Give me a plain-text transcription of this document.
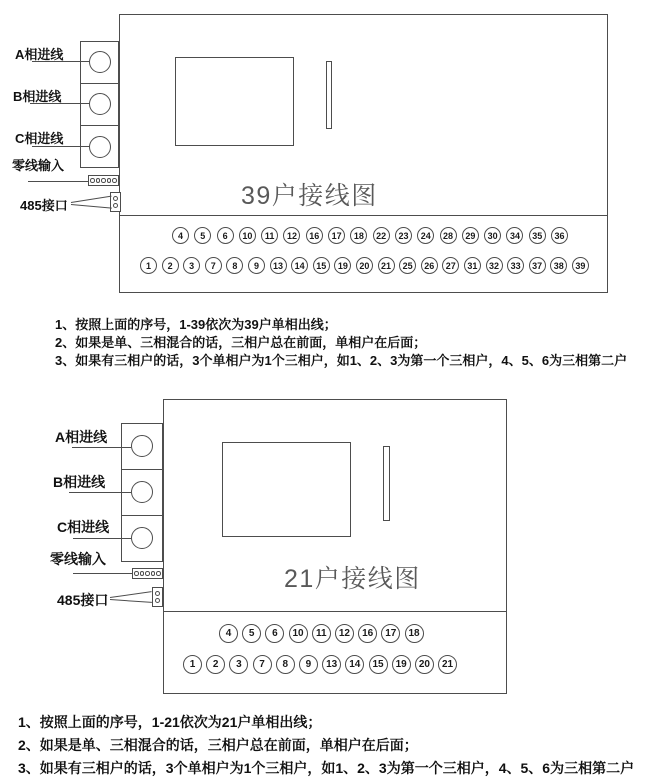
39户接线图
A相进线
B相进线
C相进线
零线输入
485接口
4	5	6	10	11	12	16	17	18	22	23	24	28	29	30	34	35	36
1	2	3	7	8	9	13	14	15	19	20	21	25	26	27	31	32	33	37	38	39
1、按照上面的序号，1-39依次为39户单相出线；
2、如果是单、三相混合的话，三相户总在前面，单相户在后面；
3、如果有三相户的话，3个单相户为1个三相户，如1、2、3为第一个三相户，4、5、6为三相第二户
21户接线图
A相进线
B相进线
C相进线
零线输入
485接口
4	5	6	10	11	12	16	17	18
1	2	3	7	8	9	13	14	15	19	20	21
1、按照上面的序号，1-21依次为21户单相出线；
2、如果是单、三相混合的话，三相户总在前面，单相户在后面；
3、如果有三相户的话，3个单相户为1个三相户，如1、2、3为第一个三相户，4、5、6为三相第二户
